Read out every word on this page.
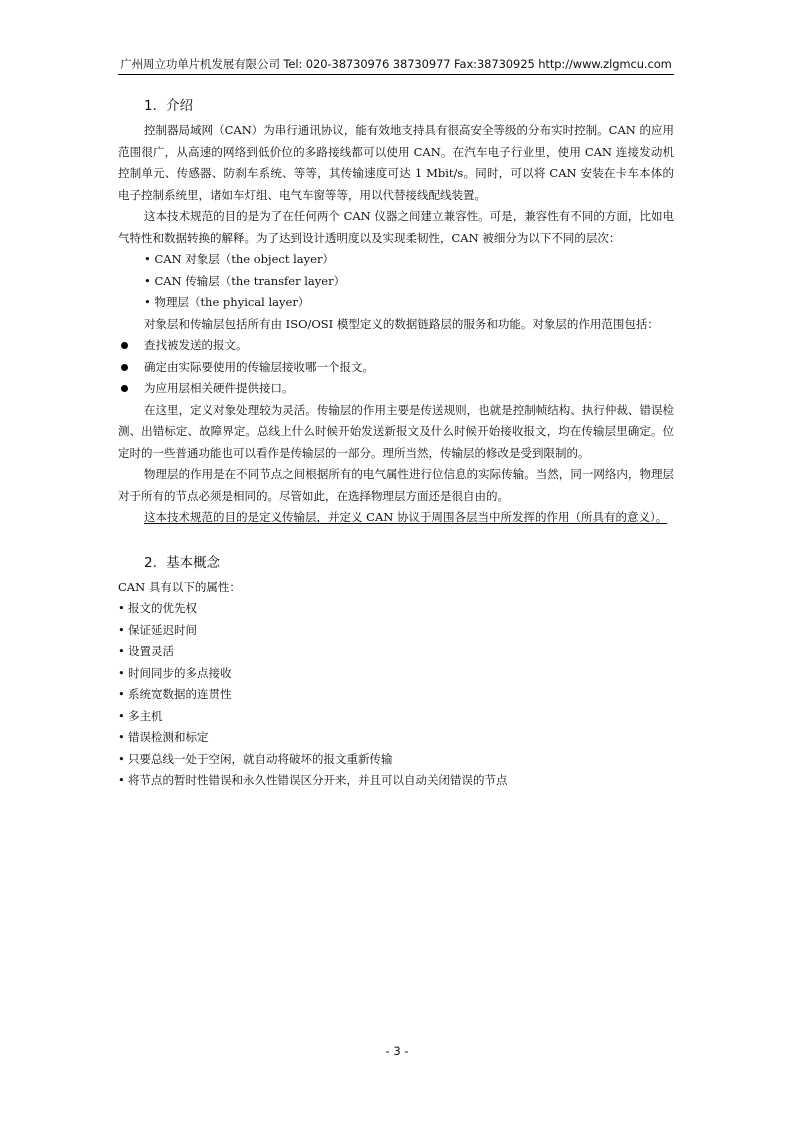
广州周立功单片机发展有限公司 Tel: 020-38730976 38730977 Fax:38730925 http://www.zlgmcu.com
1．介绍

控制器局域网（CAN）为串行通讯协议，能有效地支持具有很高安全等级的分布实时控制。CAN 的应用范围很广，从高速的网络到低价位的多路接线都可以使用 CAN。在汽车电子行业里，使用 CAN 连接发动机控制单元、传感器、防刹车系统、等等，其传输速度可达 1 Mbit/s。同时，可以将 CAN 安装在卡车本体的电子控制系统里，诸如车灯组、电气车窗等等，用以代替接线配线装置。

这本技术规范的目的是为了在任何两个 CAN 仪器之间建立兼容性。可是，兼容性有不同的方面，比如电气特性和数据转换的解释。为了达到设计透明度以及实现柔韧性，CAN 被细分为以下不同的层次：

• CAN 对象层（the object layer）

• CAN 传输层（the transfer layer）

• 物理层（the phyical layer）

对象层和传输层包括所有由 ISO/OSI 模型定义的数据链路层的服务和功能。对象层的作用范围包括：

查找被发送的报文。
确定由实际要使用的传输层接收哪一个报文。
为应用层相关硬件提供接口。

在这里，定义对象处理较为灵活。传输层的作用主要是传送规则，也就是控制帧结构、执行仲裁、错误检测、出错标定、故障界定。总线上什么时候开始发送新报文及什么时候开始接收报文，均在传输层里确定。位定时的一些普通功能也可以看作是传输层的一部分。理所当然，传输层的修改是受到限制的。

物理层的作用是在不同节点之间根据所有的电气属性进行位信息的实际传输。当然，同一网络内，物理层对于所有的节点必须是相同的。尽管如此，在选择物理层方面还是很自由的。

这本技术规范的目的是定义传输层，并定义 CAN 协议于周围各层当中所发挥的作用（所具有的意义）。

2．基本概念

CAN 具有以下的属性：

• 报文的优先权
• 保证延迟时间
• 设置灵活
• 时间同步的多点接收
• 系统宽数据的连贯性
• 多主机
• 错误检测和标定
• 只要总线一处于空闲，就自动将破坏的报文重新传输
• 将节点的暂时性错误和永久性错误区分开来，并且可以自动关闭错误的节点
- 3 -
